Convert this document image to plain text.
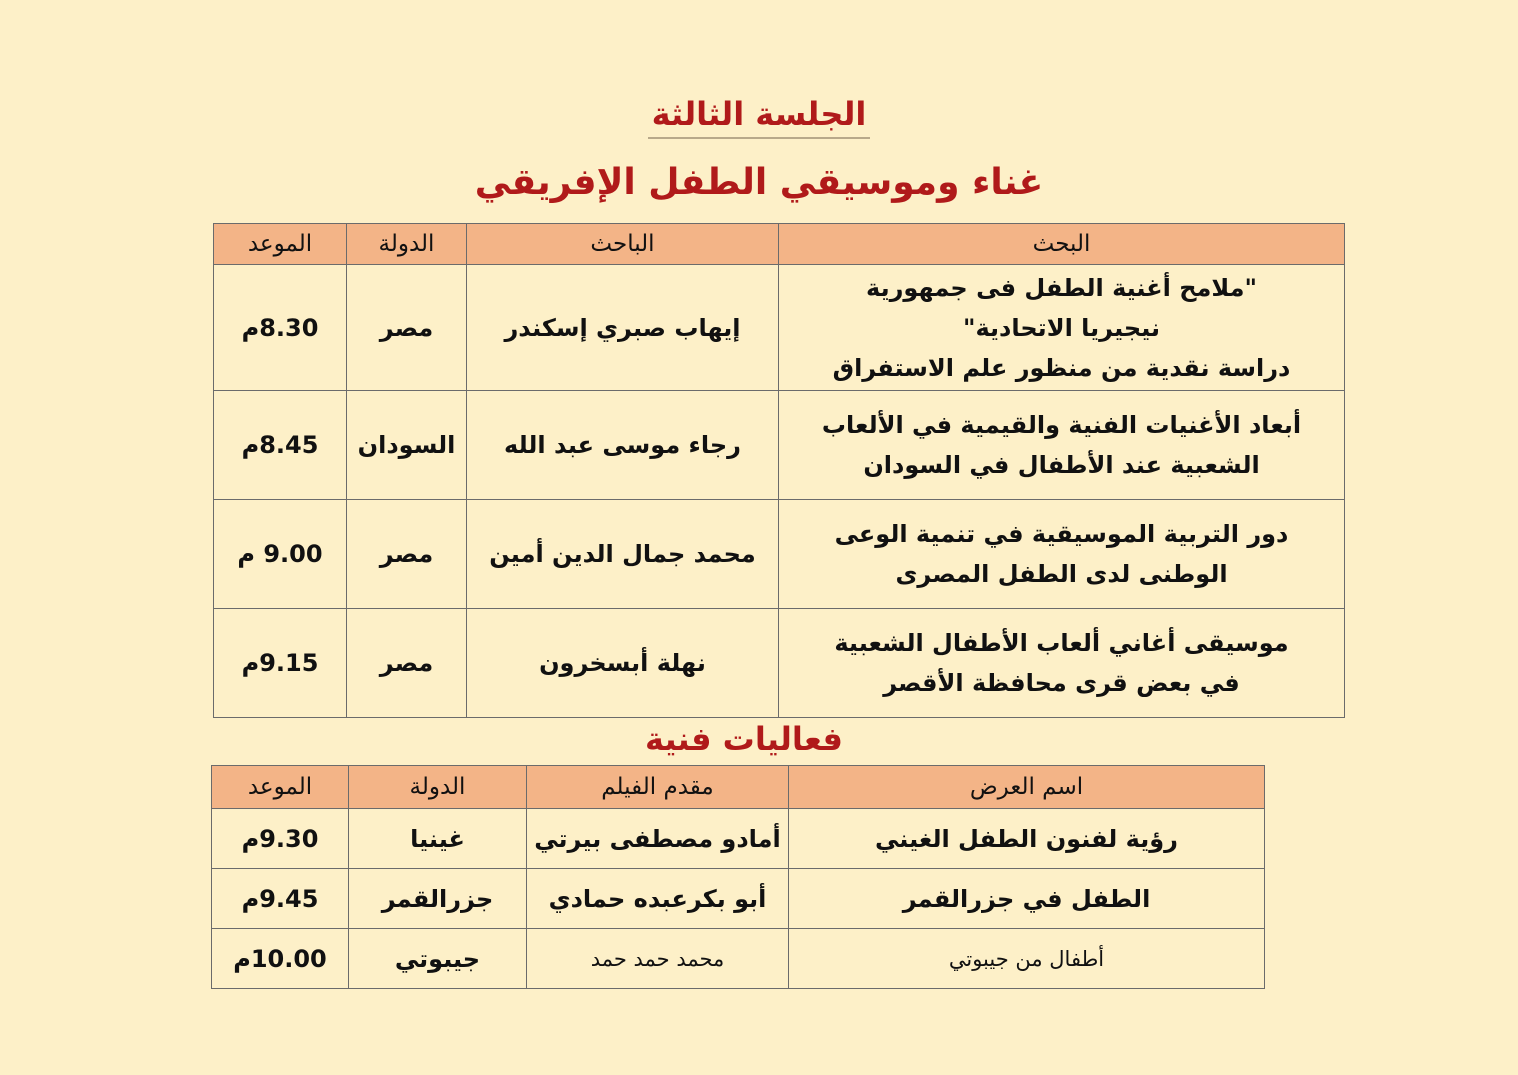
الجلسة الثالثة
غناء وموسيقي الطفل الإفريقي
البحث	الباحث	الدولة	الموعد

"ملامح أغنية الطفل فى جمهورية
نيجيريا الاتحادية"
دراسة نقدية من منظور علم الاستفراق	إيهاب صبري إسكندر	مصر	8.30م

أبعاد الأغنيات الفنية والقيمية في الألعاب
الشعبية عند الأطفال في السودان	رجاء موسى عبد الله	السودان	8.45م

دور التربية الموسيقية في تنمية الوعى
الوطنى لدى الطفل المصرى	محمد جمال الدين أمين	مصر	9.00 م

موسيقى أغاني ألعاب الأطفال الشعبية
في بعض قرى محافظة الأقصر	نهلة أبسخرون	مصر	9.15م
فعاليات فنية
اسم العرض	مقدم الفيلم	الدولة	الموعد
رؤية لفنون الطفل الغيني	أمادو مصطفى بيرتي	غينيا	9.30م
الطفل في جزرالقمر	أبو بكرعبده حمادي	جزرالقمر	9.45م
أطفال من جيبوتي	محمد حمد حمد	جيبوتي	10.00م
